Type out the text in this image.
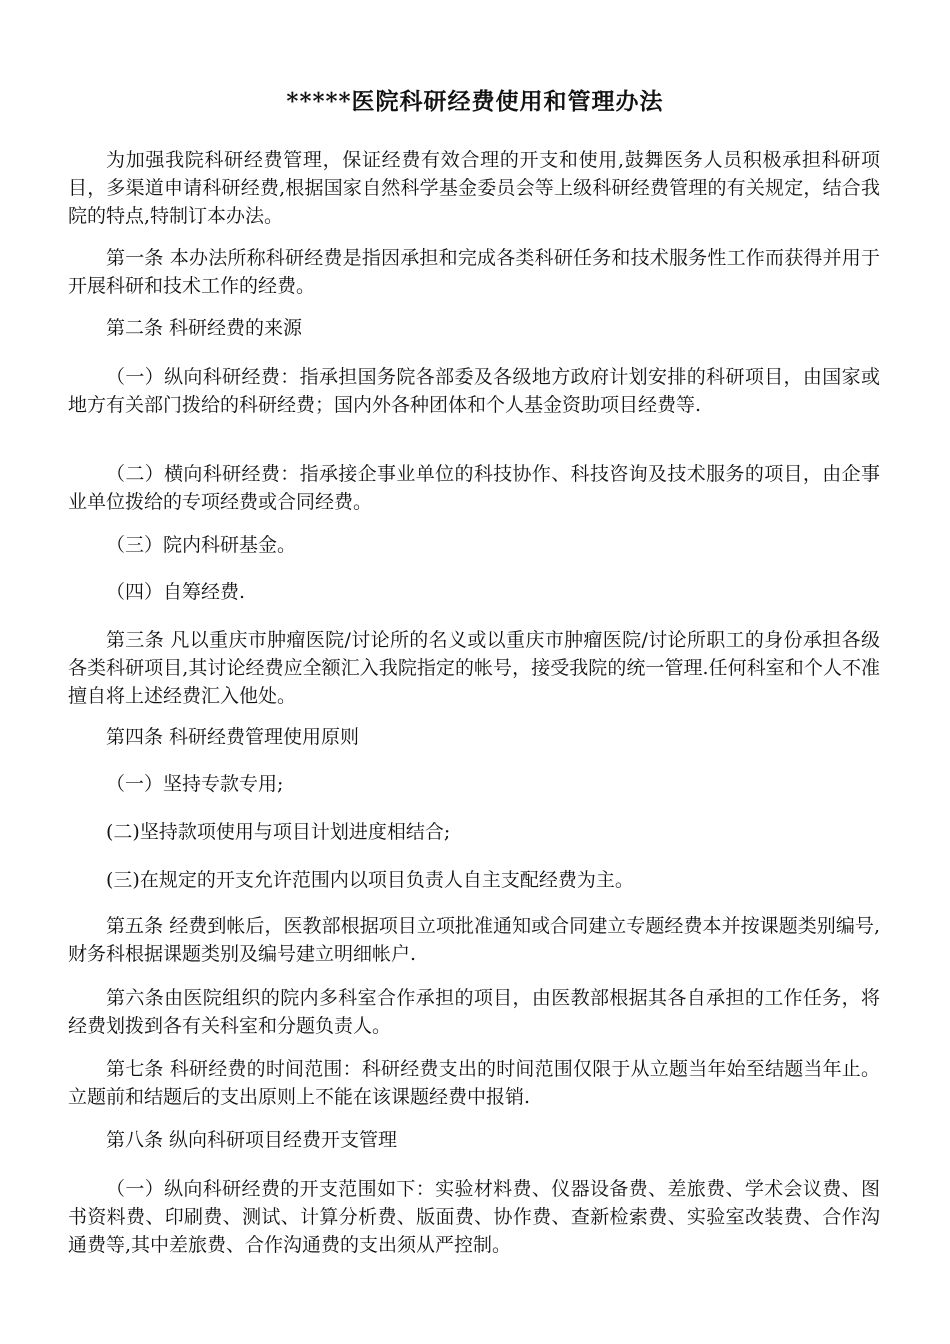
*****医院科研经费使用和管理办法

为加强我院科研经费管理，保证经费有效合理的开支和使用,鼓舞医务人员积极承担科研项目，多渠道申请科研经费,根据国家自然科学基金委员会等上级科研经费管理的有关规定，结合我院的特点,特制订本办法。

第一条 本办法所称科研经费是指因承担和完成各类科研任务和技术服务性工作而获得并用于开展科研和技术工作的经费。

第二条 科研经费的来源

（一）纵向科研经费：指承担国务院各部委及各级地方政府计划安排的科研项目，由国家或地方有关部门拨给的科研经费；国内外各种团体和个人基金资助项目经费等.

（二）横向科研经费：指承接企事业单位的科技协作、科技咨询及技术服务的项目，由企事业单位拨给的专项经费或合同经费。

（三）院内科研基金。

（四）自筹经费.

第三条 凡以重庆市肿瘤医院/讨论所的名义或以重庆市肿瘤医院/讨论所职工的身份承担各级各类科研项目,其讨论经费应全额汇入我院指定的帐号，接受我院的统一管理.任何科室和个人不准擅自将上述经费汇入他处。

第四条 科研经费管理使用原则

（一）坚持专款专用;

(二)坚持款项使用与项目计划进度相结合;

(三)在规定的开支允许范围内以项目负责人自主支配经费为主。

第五条 经费到帐后，医教部根据项目立项批准通知或合同建立专题经费本并按课题类别编号,财务科根据课题类别及编号建立明细帐户.

第六条由医院组织的院内多科室合作承担的项目，由医教部根据其各自承担的工作任务，将经费划拨到各有关科室和分题负责人。

第七条 科研经费的时间范围：科研经费支出的时间范围仅限于从立题当年始至结题当年止。立题前和结题后的支出原则上不能在该课题经费中报销.

第八条 纵向科研项目经费开支管理

（一）纵向科研经费的开支范围如下：实验材料费、仪器设备费、差旅费、学术会议费、图书资料费、印刷费、测试、计算分析费、版面费、协作费、查新检索费、实验室改装费、合作沟通费等,其中差旅费、合作沟通费的支出须从严控制。
